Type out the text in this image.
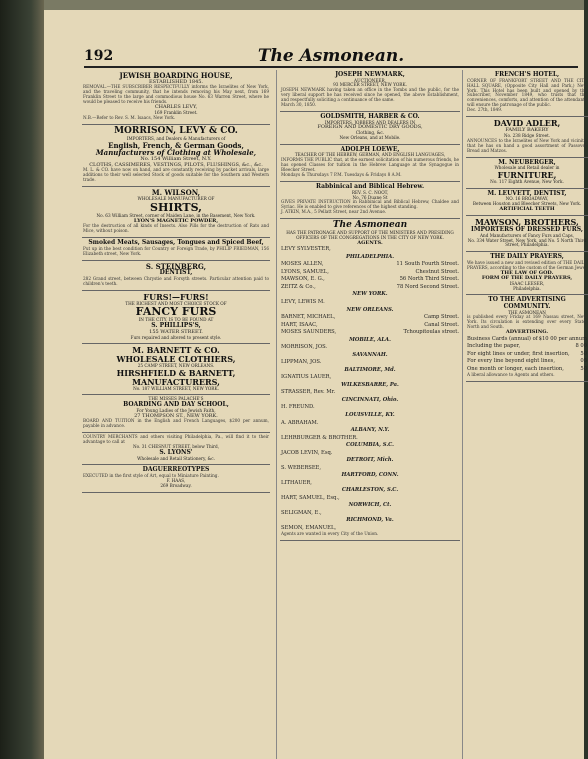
192	The Asmonean.
JEWISH BOARDING HOUSE,
ESTABLISHED 1845.
REMOVAL.—THE SUBSCRIBER RESPECTFULLY informs the Israelites of New York, and the traveling community, that he intends removing his May next, from 169 Franklin Street to the large and commodious house No. 63 Warren Street, where he would be pleased to receive his friends.
CHARLES LEVY,
169 Franklin Street.
N.B.—Refer to Rev. S. M. Isaacs, New York.
MORRISON, LEVY & CO.
IMPORTERS, and Dealers & Manufacturers of
English, French, & German Goods,
Manufacturers of Clothing at Wholesale,
No. 154 William Street, N.Y.
CLOTHS, CASSIMERES, VESTINGS, PILOTS, FLUSHINGS, &c., &c.
M. L. & CO. have now on hand, and are constantly receiving by packet arrivals, large additions to their well selected Stock of goods suitable for the Southern and Western trade.
M. WILSON,
WHOLESALE MANUFACTURER OF
SHIRTS,
No. 63 William Street, corner of Maiden Lane, in the Basement, New York.
LYON'S MAGNETIC POWDER,
For the destruction of all kinds of Insects. Also Pills for the destruction of Rats and Mice, without poison.
Smoked Meats, Sausages, Tongues and Spiced Beef,
Put up in the best condition for Country or Foreign Trade, by PHILIP FRIEDMAN, 156 Elizabeth street, New York.
S. STEINBERG,
DENTIST,
282 Grand street, between Chrystie and Forsyth streets. Particular attention paid to children's teeth.
FURS!—FURS!
THE RICHEST AND MOST CHOICE STOCK OF
FANCY FURS
IN THE CITY, IS TO BE FOUND AT
S. PHILLIPS'S,
155 WATER STREET.
Furs repaired and altered to present style.
M. BARNETT & CO.
WHOLESALE CLOTHIERS,
25 CAMP STREET, NEW ORLEANS.
HIRSHFIELD & BARNETT,
MANUFACTURERS,
No. 187 WILLIAM STREET, NEW YORK.
THE MISSES PALACHE'S
BOARDING AND DAY SCHOOL,
For Young Ladies of the Jewish Faith,
27 THOMPSON ST., NEW YORK.
BOARD AND TUITION in the English and French Languages, $200 per annum, payable in advance.
COUNTRY MERCHANTS and others visiting Philadelphia, Pa., will find it to their advantage to call at
No. 31 CHESNUT STREET, below Third,
S. LYONS'
Wholesale and Retail Stationery, &c.
DAGUERREOTYPES
EXECUTED in the first style of Art, equal to Miniature Painting.
F. HAAS,
269 Broadway.
JOSEPH NEWMARK,
AUCTIONEER,
93 MERCER STREET, NEW YORK.
JOSEPH NEWMARK having taken an office in the Tombs and the public, for the very liberal support he has received since he opened, the above Establishment, and respectfully soliciting a continuance of the same.
March 30, 1850.
GOLDSMITH, HARBER & CO.
IMPORTERS, JOBBERS AND DEALERS IN
FOREIGN AND DOMESTIC DRY GOODS,
Clothing, &c.
New Orleans, and at Mobile.
ADOLPH LOEWE,
TEACHER OF THE HEBREW, GERMAN, AND ENGLISH LANGUAGES,
INFORMS THE PUBLIC that, at the earnest solicitation of his numerous friends, he has opened Classes for tuition in the Hebrew Language at the Synagogue in Bleecker Street.
Mondays & Thursdays 7 P.M. Tuesdays & Fridays 8 A.M.
Rabbinical and Biblical Hebrew.
REV. S. C. NOOT,
No. 76 Duane St
GIVES PRIVATE INSTRUCTION in Rabbinical and Biblical Hebrew, Chaldee and Syriac. He is enabled to give references of the highest standing.
J. ATKIN, M.A., 5 Pellatt Street, near 2nd Avenue.
The Asmonean
HAS THE PATRONAGE AND SUPPORT OF THE MINISTERS AND PRESIDING OFFICERS OF THE CONGREGATIONS IN THE CITY OF NEW YORK.
AGENTS.
LEVY SYLVESTER,
PHILADELPHIA.
MOSES ALLEN,	11 South Fourth Street.
LYONS, SAMUEL,	Chestnut Street.
MAWSON, E. G.,	56 North Third Street.
ZEITZ & Co.,	78 Nord Second Street.
NEW YORK.
LEVY, LEWIS M.
NEW ORLEANS.
BARNET, MICHAEL,	Camp Street.
HART, ISAAC,	Canal Street.
MOSES SAUNDERS,	Tchoupitoulas street.
MOBILE, ALA.
MORRISON, JOS.
SAVANNAH.
LIPPMAN, JOS.
BALTIMORE, Md.
IGNATIUS LAUER,
WILKESBARRE, Pa.
STRASSER, Rev. Mr.
CINCINNATI, Ohio.
H. FREUND.
LOUISVILLE, KY.
A. ABRAHAM.
ALBANY, N.Y.
LEHRBURGER & BROTHER.
COLUMBIA, S.C.
JACOB LEVIN, Esq.
DETROIT, Mich.
S. WEBERSEE,
HARTFORD, CONN.
LITHAUER,
CHARLESTON, S.C.
HART, SAMUEL, Esq.,
NORWICH, Ct.
SELIGMAN, E.,
RICHMOND, Va.
SEMON, EMANUEL,
Agents are wanted in every City of the Union.
FRENCH'S HOTEL,
CORNER OF FRANKFORT STREET AND THE CITY HALL SQUARE, (Opposite City Hall and Park,) New York. This Hotel has been built and opened by the Subscriber, November 1849, who trusts that the conveniences, comforts, and attention of the attendants will ensure the patronage of the public.
Dec. 27th, 1849.
DAVID ADLER,
FAMILY BAKERY
No. 238 Ridge Street.
ANNOUNCES to the Israelites of New York and vicinity, that he has on hand a good assortment of Passover Bread and Matzos.
M. NEUBERGER,
Wholesale and Retail dealer in
FURNITURE,
No. 117 Eighth Avenue, New York.
M. LEUVETT, DENTIST,
NO. 16 BROADWAY,
Between Houston and Bleecker Streets, New York.
ARTIFICIAL TEETH
MAWSON, BROTHERS,
IMPORTERS OF DRESSED FURS,
And Manufacturers of Fancy Furs and Caps,
No. 334 Water Street, New York, and No. 5 North Third Street, Philadelphia.
THE DAILY PRAYERS,
We have issued a new and revised edition of THE DAILY PRAYERS, according to the custom of the German Jews.
THE LAW OF GOD.
FORM OF THE DAILY PRAYERS,
ISAAC LEESER,
Philadelphia.
TO THE ADVERTISING COMMUNITY.
THE ASMONEAN
is published every Friday at 169 Nassau street, New York. Its circulation is extending over every State, North and South.
ADVERTISING.
Business Cards (annual) of $10 00 per annum
Including the paper,	8 00
For eight lines or under, first insertion, 50
For every line beyond eight lines,	05
One month or longer, each insertion,	50
A liberal allowance to Agents and others.
